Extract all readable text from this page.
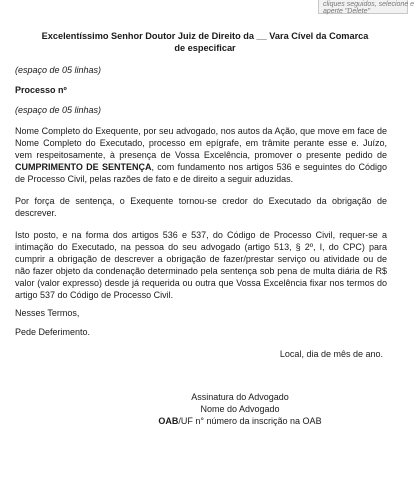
cliques seguidos, selecione e
aperte "Delete"
Excelentíssimo Senhor Doutor Juiz de Direito da __ Vara Cível da Comarca
de especificar
(espaço de 05 linhas)
Processo nº
(espaço de 05 linhas)
Nome Completo do Exequente, por seu advogado, nos autos da Ação, que move em face de Nome Completo do Executado, processo em epígrafe, em trâmite perante esse e. Juízo, vem respeitosamente, à presença de Vossa Excelência, promover o presente pedido de CUMPRIMENTO DE SENTENÇA, com fundamento nos artigos 536 e seguintes do Código de Processo Civil, pelas razões de fato e de direito a seguir aduzidas.
Por força de sentença, o Exequente tornou-se credor do Executado da obrigação de descrever.
Isto posto, e na forma dos artigos 536 e 537, do Código de Processo Civil, requer-se a intimação do Executado, na pessoa do seu advogado (artigo 513, § 2º, I, do CPC) para cumprir a obrigação de descrever a obrigação de fazer/prestar serviço ou atividade ou de não fazer objeto da condenação determinado pela sentença sob pena de multa diária de R$ valor (valor expresso) desde já requerida ou outra que Vossa Excelência fixar nos termos do artigo 537 do Código de Processo Civil.
Nesses Termos,
Pede Deferimento.
Local, dia de mês de ano.
Assinatura do Advogado
Nome do Advogado
OAB/UF n° número da inscrição na OAB
